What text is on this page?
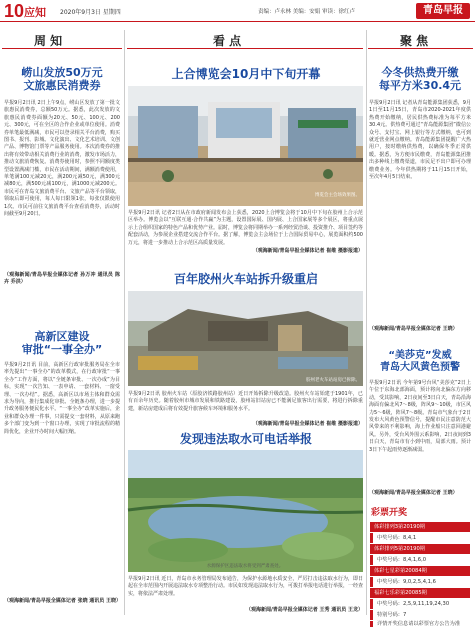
10 应知 2020年9月3日 星期四	责编：卢永林 美编：安娟 审读：徐红卢	青岛早报
周 知	看 点	聚 焦
崂山发放50万元
文旅惠民消费券
早报9月2日讯 2日上午9点，崂山区发放了第一批文旅惠民消费券，总额50万元。据悉，此次发放的文旅惠民消费券面额为20元、50元、100元、200元、300元，可在全区的合作企业或单位使用。消费券单笔最低满减，市民可以登录相关平台消费，购买图书、报刊、影城、文化演出、文化艺术培训、文创产品、博物馆门票等产品服务使用。本次消费券的推出将有效带动相关消费行业的消费，激发市场活力，推动文旅消费恢复。消费券使用时，参照不同额度类型设置满减门槛，市民在活动期间，满额消费使用，单笔满100元减20元，满200元减50元，满300元减80元，满500元减100元，满1000元减200元。市民可在青岛文旅消费平台、文旅产品等平台领取，领取后即可使用，每人每日限领1张，每张仅限使用1次。市民可前往文旅消费平台查看消费券，活动时间截至9月20日。
（观海新闻/青岛早报全媒体记者 孙万冲 通讯员 陈卉 乔洪）
高新区建设
审批“一事全办”
早报9月2日讯 目前，高新区行政审批服务局在全市率先提出“一事全办”的改革模式，在行政审批“一事全办”工作方面，将以“全链条审批、一次办成”为目标，实现“一次告知、一表申请、一套材料、一窗受理、一次办结”。据悉，高新区以市场主体和群众需求为导向，推行集成化审批、全链条办理，进一步提升政务服务便民化水平。“一事全办”改革实施后，企业和群众办理一件事，只需提交一套材料，从原来跑多个部门变为到一个窗口办理，实现了审批流程的精简优化，企业开办时间大幅压缩。
（观海新闻/青岛早报全媒体记者 张晓 通讯员 王晓）
上合博览会10月中下旬开幕
博览会主会场效果图。
早报9月2日讯 记者2日从在市政府新闻发布会上获悉，2020上合博览会将于10月中下旬在胶州上合示范区举办。博览会以“互联互通·合作共赢”为主题，设置国际展、国内展、上合国家展等多个展区，将重点展示上合组织国家的特色产品和优势产业。届时，博览会将同期举办一系列经贸洽谈、投资推介、项目签约等配套活动，为参展企业搭建交流合作平台。据了解，博览会主会场位于上合国际贸易中心，展览面积约500万元，将进一步推动上合示范区高质量发展。
（观海新闻/青岛早报全媒体记者 崔维 摄影报道）
百年胶州火车站拆升级重启
胶州老火车站站房已拆除。
早报9月2日讯 胶州火车站（原胶济铁路胶州站）近日开始拆除升级改造。胶州火车站始建于1901年，已有百余年历史。随着胶州市城市发展和铁路建设，胶州站旧站房已不能满足旅客出行需要，将进行拆除重建，新站房建成后将有效提升旅客候车环境和服务水平。
（观海新闻/青岛早报全媒体记者 崔维 摄影报道）
发现违法取水可电话举报
水源保护区违法取水将受到严肃查处。
早报9月2日讯 近日，青岛市水务管理局发布通告，为保护水源地水质安全，严厉打击违法取水行为，即日起在全市范围内开展违法取水专项整治行动。市民如发现违法取水行为，可拨打举报电话进行举报，一经查实，将依法严肃处理。
（观海新闻/青岛早报全媒体记者 王秀 通讯员 王龙）
今冬供热费开缴
每平方米30.4元
早报9月2日讯 记者从青岛能源集团获悉，9月1日至11月15日，青岛市2020-2021年度供热费开始缴纳，居民供热费标准为每平方米30.4元。供热费可通过“青岛能源集团”微信公众号、支付宝、网上银行等方式缴纳，也可到就近营业网点缴纳。青岛能源集团提醒广大热用户，按时缴纳供热费，以确保冬季正常供暖。据悉，为方便市民缴费，青岛能源集团推出多种线上缴费渠道，市民足不出户即可办理缴费业务。今年供热期将于11月15日开始，至次年4月5日结束。
（观海新闻/青岛早报全媒体记者 王晓）
“美莎克”发威
青岛大风黄色预警
早报9月2日讯 今年第9号台风“美莎克”2日上午位于东海北部海面，预计将向北偏东方向移动，受其影响，2日夜间至3日白天，青岛沿海海面有偏北风7～8级，阵风9～10级，市区风力5～6级，阵风7～8级。青岛市气象台于2日发布大风黄色预警信号，提醒市民注意防范大风带来的不利影响，海上作业船只注意回港避风。另外，受台风外围云系影响，2日夜间到3日白天，青岛市有小到中雨，局部大雨。预计3日下午起雨势逐渐减弱。
（观海新闻/青岛早报全媒体记者 王晓）
彩票开奖
体彩排列3第20190期
中奖号码：8,4,1
体彩排列5第20190期
中奖号码：8,4,1,6,0
体彩七星彩第20084期
中奖号码：9,0,2,5,4,1,6
福彩七乐彩第20085期
中奖号码：2,5,9,11,19,24,30
特别号码：7
详情开奖信息请以彩票官方公告为准
